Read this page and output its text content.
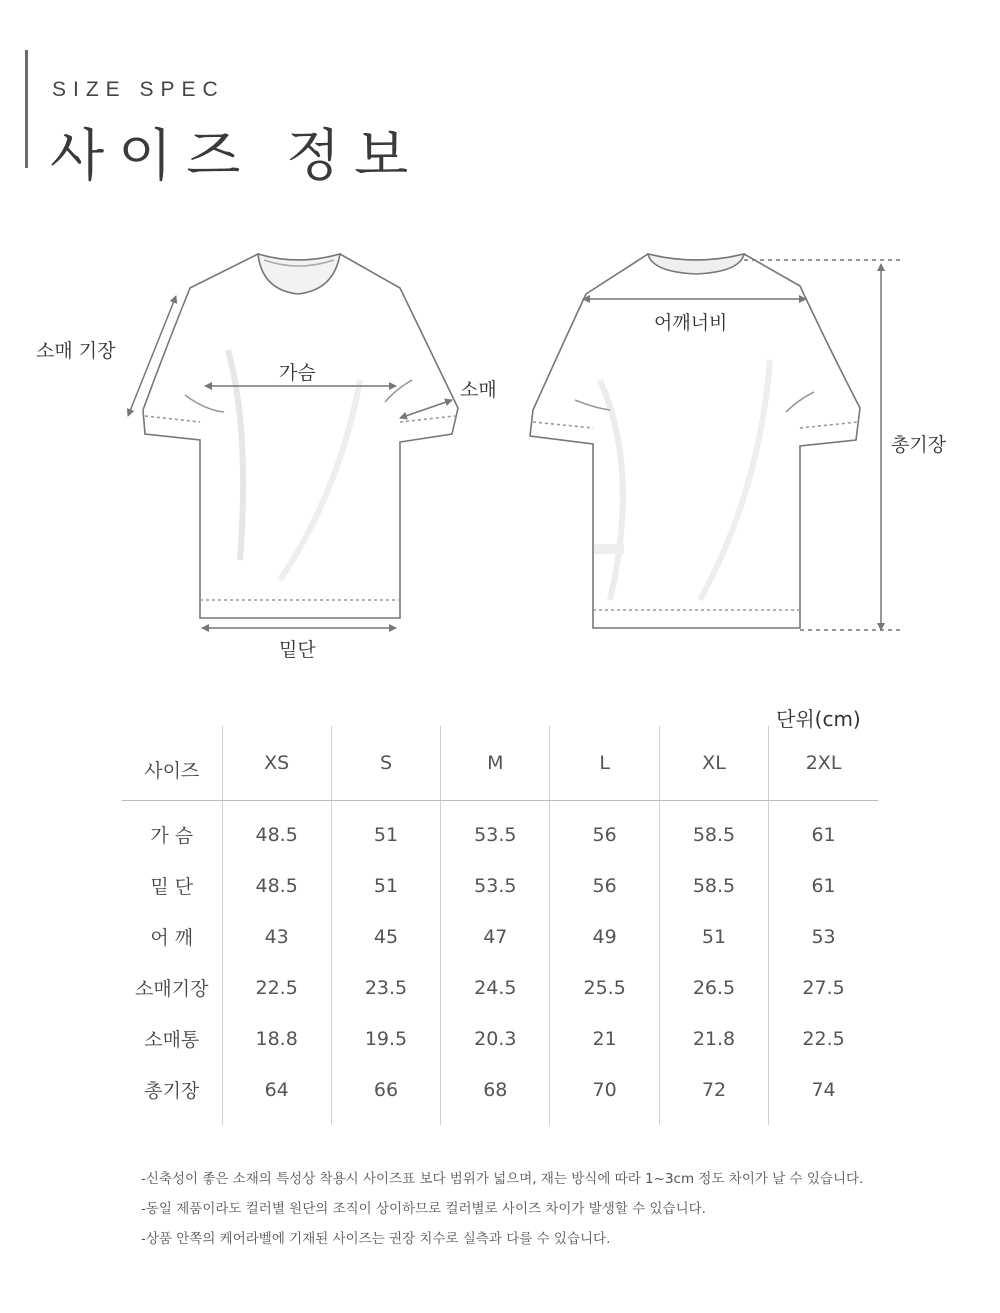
SIZE SPEC
사이즈 정보
소매 기장
가슴
소매
밑단
어깨너비
총기장
단위(cm)
사이즈	XS	S	M	L	XL	2XL
가 슴	48.5	51	53.5	56	58.5	61
밑 단	48.5	51	53.5	56	58.5	61
어 깨	43	45	47	49	51	53
소매기장	22.5	23.5	24.5	25.5	26.5	27.5
소매통	18.8	19.5	20.3	21	21.8	22.5
총기장	64	66	68	70	72	74
-신축성이 좋은 소재의 특성상 착용시 사이즈표 보다 범위가 넓으며, 재는 방식에 따라 1~3cm 정도 차이가 날 수 있습니다.
-동일 제품이라도 컬러별 원단의 조직이 상이하므로 컬러별로 사이즈 차이가 발생할 수 있습니다.
-상품 안쪽의 케어라벨에 기재된 사이즈는 권장 치수로 실측과 다를 수 있습니다.
